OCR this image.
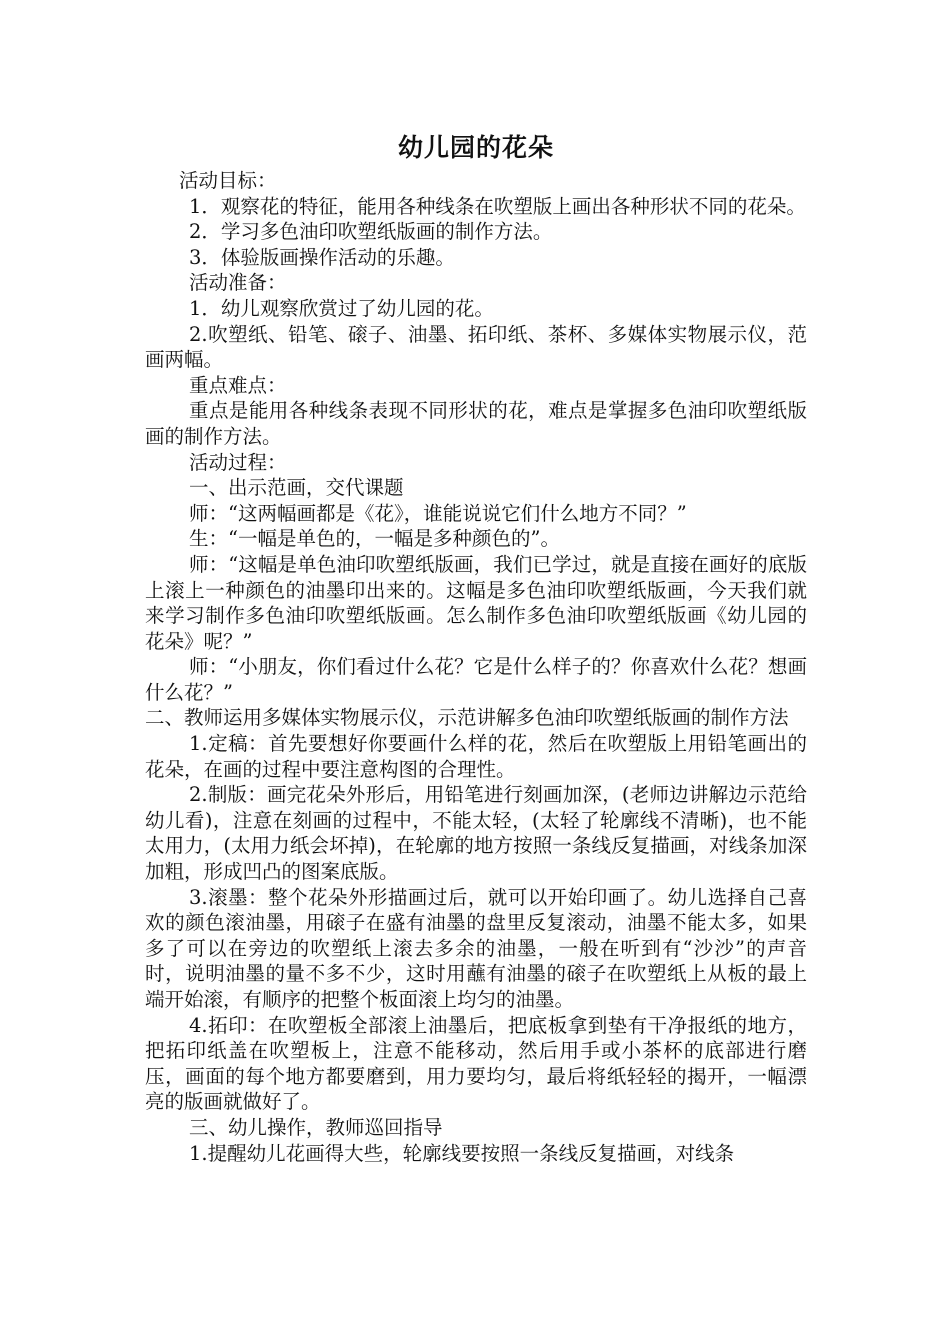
幼儿园的花朵

活动目标：

1．观察花的特征，能用各种线条在吹塑版上画出各种形状不同的花朵。

2．学习多色油印吹塑纸版画的制作方法。

3．体验版画操作活动的乐趣。

活动准备：

1．幼儿观察欣赏过了幼儿园的花。

2.吹塑纸、铅笔、磙子、油墨、拓印纸、茶杯、多媒体实物展示仪，范画两幅。

重点难点：

重点是能用各种线条表现不同形状的花，难点是掌握多色油印吹塑纸版画的制作方法。

活动过程：

一、出示范画，交代课题

师：“这两幅画都是《花》，谁能说说它们什么地方不同？”

生：“一幅是单色的，一幅是多种颜色的”。

师：“这幅是单色油印吹塑纸版画，我们已学过，就是直接在画好的底版上滚上一种颜色的油墨印出来的。这幅是多色油印吹塑纸版画，今天我们就来学习制作多色油印吹塑纸版画。怎么制作多色油印吹塑纸版画《幼儿园的花朵》呢？”

师：“小朋友，你们看过什么花？它是什么样子的？你喜欢什么花？想画什么花？”

二、教师运用多媒体实物展示仪，示范讲解多色油印吹塑纸版画的制作方法

1.定稿：首先要想好你要画什么样的花，然后在吹塑版上用铅笔画出的花朵，在画的过程中要注意构图的合理性。

2.制版：画完花朵外形后，用铅笔进行刻画加深，(老师边讲解边示范给幼儿看)，注意在刻画的过程中，不能太轻，(太轻了轮廓线不清晰)，也不能太用力，(太用力纸会坏掉)，在轮廓的地方按照一条线反复描画，对线条加深加粗，形成凹凸的图案底版。

3.滚墨：整个花朵外形描画过后，就可以开始印画了。幼儿选择自己喜欢的颜色滚油墨，用磙子在盛有油墨的盘里反复滚动，油墨不能太多，如果多了可以在旁边的吹塑纸上滚去多余的油墨，一般在听到有“沙沙”的声音时，说明油墨的量不多不少，这时用蘸有油墨的磙子在吹塑纸上从板的最上端开始滚，有顺序的把整个板面滚上均匀的油墨。

4.拓印：在吹塑板全部滚上油墨后，把底板拿到垫有干净报纸的地方，把拓印纸盖在吹塑板上，注意不能移动，然后用手或小茶杯的底部进行磨压，画面的每个地方都要磨到，用力要均匀，最后将纸轻轻的揭开，一幅漂亮的版画就做好了。

三、幼儿操作，教师巡回指导

1.提醒幼儿花画得大些，轮廓线要按照一条线反复描画，对线条
